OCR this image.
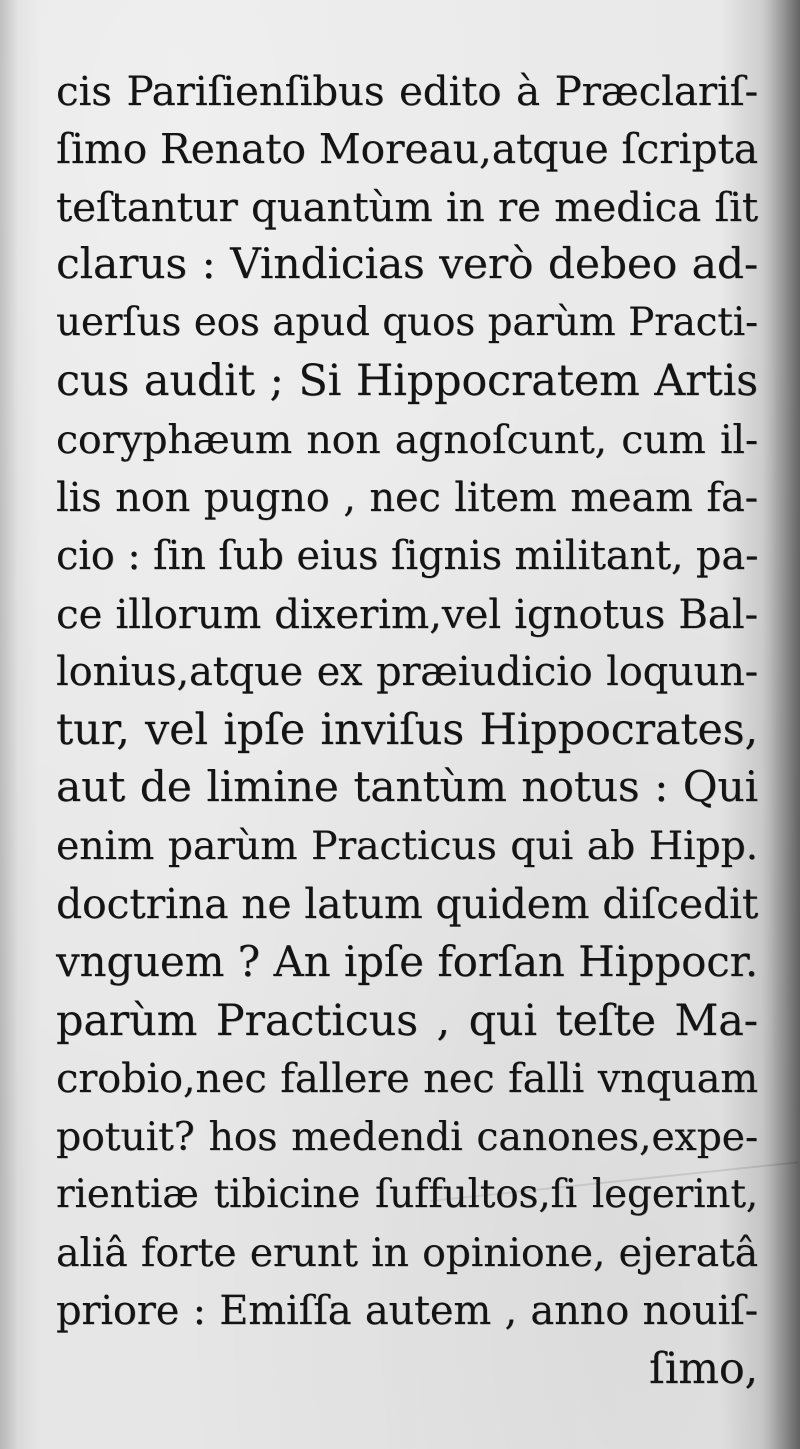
cis Pariſienſibus edito à Præclariſ-
ſimo Renato Moreau,atque ſcripta
teſtantur quantùm in re medica ſit
clarus : Vindicias verò debeo ad-
uerſus eos apud quos parùm Practi-
cus audit ; Si Hippocratem Artis
coryphæum non agnoſcunt, cum il-
lis non pugno , nec litem meam fa-
cio : ſin ſub eius ſignis militant, pa-
ce illorum dixerim,vel ignotus Bal-
lonius,atque ex præiudicio loquun-
tur, vel ipſe inviſus Hippocrates,
aut de limine tantùm notus : Qui
enim parùm Practicus qui ab Hipp.
doctrina ne latum quidem diſcedit
vnguem ? An ipſe forſan Hippocr.
parùm Practicus , qui teſte Ma-
crobio,nec fallere nec falli vnquam
potuit? hos medendi canones,expe-
rientiæ tibicine ſuffultos,ſi legerint,
aliâ forte erunt in opinione, ejeratâ
priore : Emiſſa autem , anno nouiſ-
ſimo,
